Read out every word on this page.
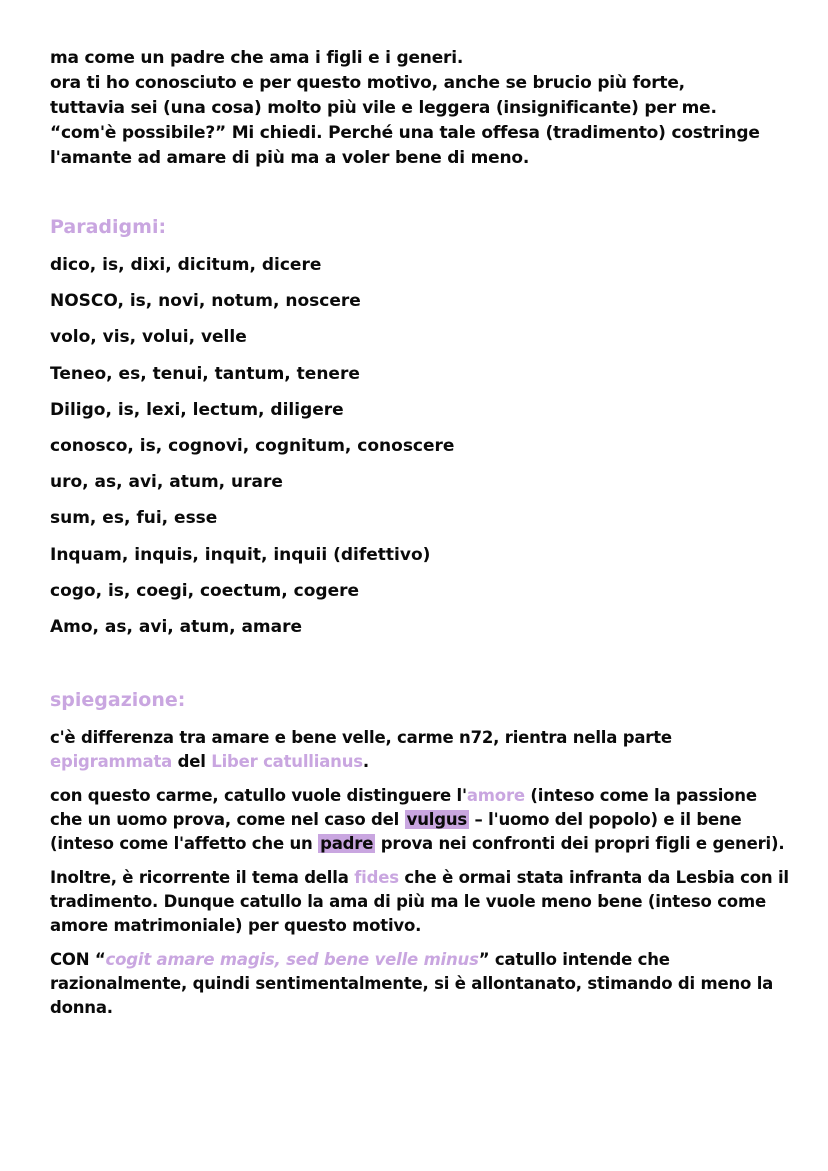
ma come un padre che ama i figli e i generi.

ora ti ho conosciuto e per questo motivo, anche se brucio più forte,

tuttavia sei (una cosa) molto più vile e leggera (insignificante) per me.

“com'è possibile?” Mi chiedi. Perché una tale offesa (tradimento) costringe

l'amante ad amare di più ma a voler bene di meno.

Paradigmi:
dico, is, dixi, dicitum, dicere
NOSCO, is, novi, notum, noscere
volo, vis, volui, velle
Teneo, es, tenui, tantum, tenere
Diligo, is, lexi, lectum, diligere
conosco, is, cognovi, cognitum, conoscere
uro, as, avi, atum, urare
sum, es, fui, esse
Inquam, inquis, inquit, inquii (difettivo)
cogo, is, coegi, coectum, cogere
Amo, as, avi, atum, amare
spiegazione:

c'è differenza tra amare e bene velle, carme n72, rientra nella parte epigrammata del Liber catullianus.

con questo carme, catullo vuole distinguere l'amore (inteso come la passione che un uomo prova, come nel caso del vulgus – l'uomo del popolo) e il bene (inteso come l'affetto che un padre prova nei confronti dei propri figli e generi).

Inoltre, è ricorrente il tema della fides che è ormai stata infranta da Lesbia con il tradimento. Dunque catullo la ama di più ma le vuole meno bene (inteso come amore matrimoniale) per questo motivo.

CON “cogit amare magis, sed bene velle minus” catullo intende che razionalmente, quindi sentimentalmente, si è allontanato, stimando di meno la donna.
